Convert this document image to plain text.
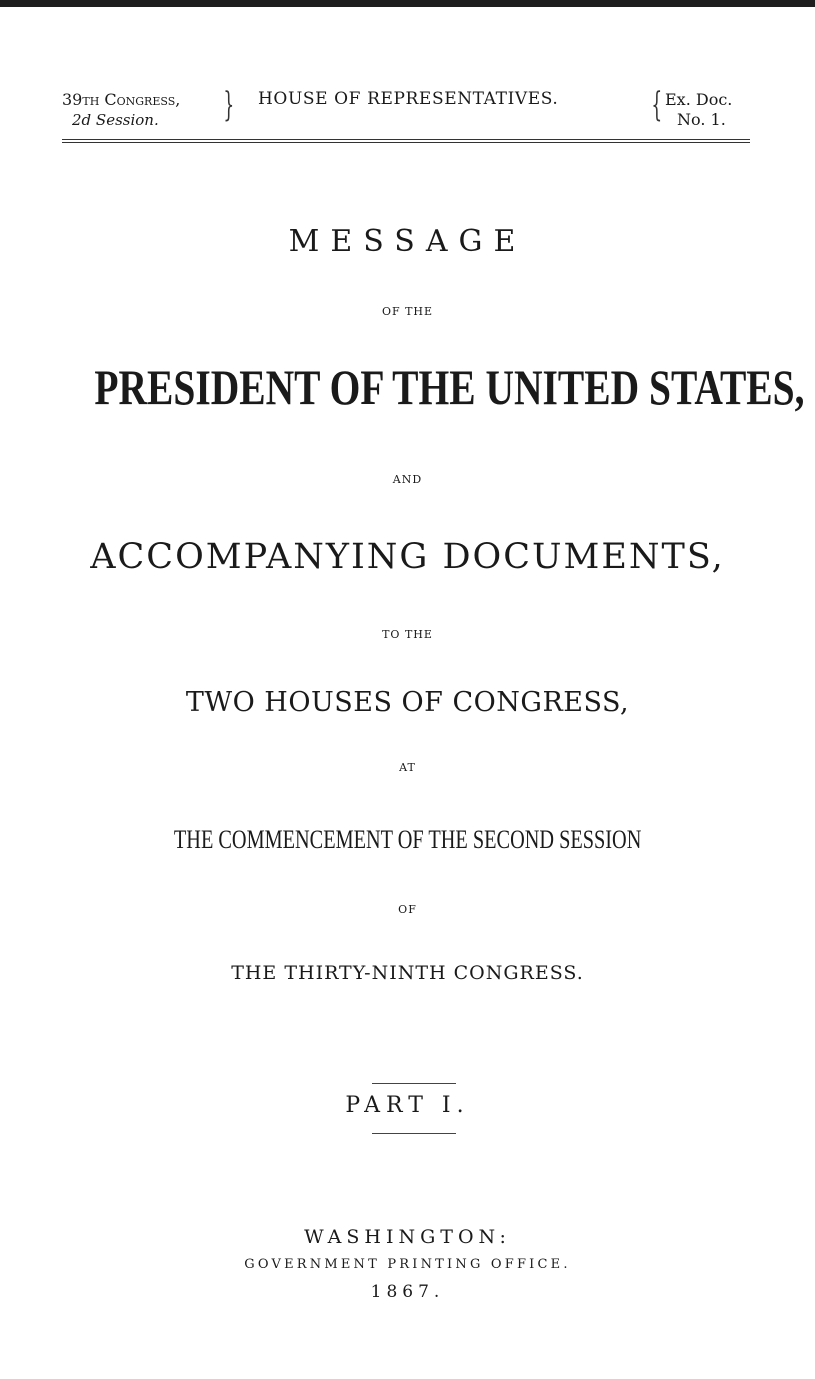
39th Congress,
2d Session.	} HOUSE OF REPRESENTATIVES.	{ Ex. Doc.
No. 1.
MESSAGE
OF THE
PRESIDENT OF THE UNITED STATES,
AND
ACCOMPANYING DOCUMENTS,
TO THE
TWO HOUSES OF CONGRESS,
AT
THE COMMENCEMENT OF THE SECOND SESSION
OF
THE THIRTY-NINTH CONGRESS.
PART I.
WASHINGTON:
GOVERNMENT PRINTING OFFICE.
1867.
